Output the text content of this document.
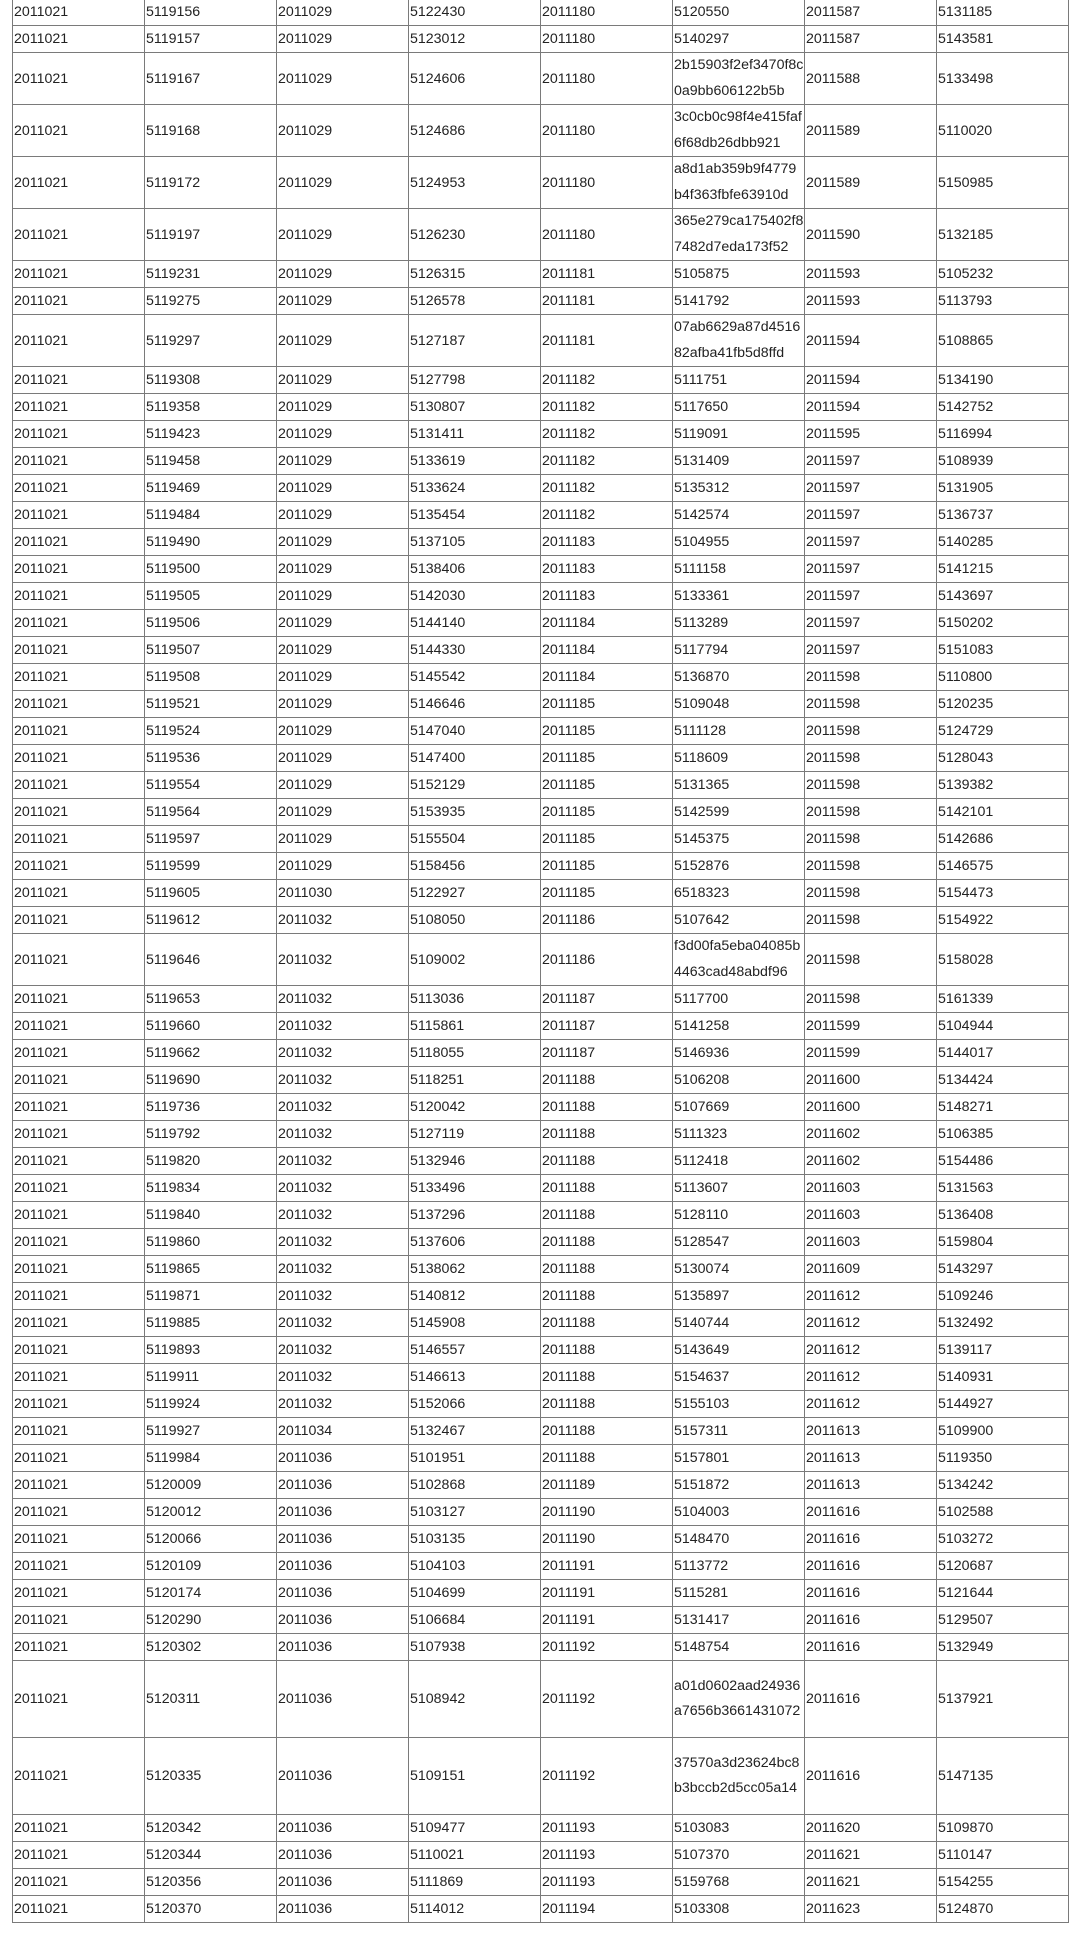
2011021	5119156	2011029	5122430	2011180	5120550	2011587	5131185
2011021	5119157	2011029	5123012	2011180	5140297	2011587	5143581
2011021	5119167	2011029	5124606	2011180	2b15903f2ef3470f8c0a9bb606122b5b	2011588	5133498
2011021	5119168	2011029	5124686	2011180	3c0cb0c98f4e415faf6f68db26dbb921	2011589	5110020
2011021	5119172	2011029	5124953	2011180	a8d1ab359b9f4779b4f363fbfe63910d	2011589	5150985
2011021	5119197	2011029	5126230	2011180	365e279ca175402f87482d7eda173f52	2011590	5132185
2011021	5119231	2011029	5126315	2011181	5105875	2011593	5105232
2011021	5119275	2011029	5126578	2011181	5141792	2011593	5113793
2011021	5119297	2011029	5127187	2011181	07ab6629a87d451682afba41fb5d8ffd	2011594	5108865
2011021	5119308	2011029	5127798	2011182	5111751	2011594	5134190
2011021	5119358	2011029	5130807	2011182	5117650	2011594	5142752
2011021	5119423	2011029	5131411	2011182	5119091	2011595	5116994
2011021	5119458	2011029	5133619	2011182	5131409	2011597	5108939
2011021	5119469	2011029	5133624	2011182	5135312	2011597	5131905
2011021	5119484	2011029	5135454	2011182	5142574	2011597	5136737
2011021	5119490	2011029	5137105	2011183	5104955	2011597	5140285
2011021	5119500	2011029	5138406	2011183	5111158	2011597	5141215
2011021	5119505	2011029	5142030	2011183	5133361	2011597	5143697
2011021	5119506	2011029	5144140	2011184	5113289	2011597	5150202
2011021	5119507	2011029	5144330	2011184	5117794	2011597	5151083
2011021	5119508	2011029	5145542	2011184	5136870	2011598	5110800
2011021	5119521	2011029	5146646	2011185	5109048	2011598	5120235
2011021	5119524	2011029	5147040	2011185	5111128	2011598	5124729
2011021	5119536	2011029	5147400	2011185	5118609	2011598	5128043
2011021	5119554	2011029	5152129	2011185	5131365	2011598	5139382
2011021	5119564	2011029	5153935	2011185	5142599	2011598	5142101
2011021	5119597	2011029	5155504	2011185	5145375	2011598	5142686
2011021	5119599	2011029	5158456	2011185	5152876	2011598	5146575
2011021	5119605	2011030	5122927	2011185	6518323	2011598	5154473
2011021	5119612	2011032	5108050	2011186	5107642	2011598	5154922
2011021	5119646	2011032	5109002	2011186	f3d00fa5eba04085b4463cad48abdf96	2011598	5158028
2011021	5119653	2011032	5113036	2011187	5117700	2011598	5161339
2011021	5119660	2011032	5115861	2011187	5141258	2011599	5104944
2011021	5119662	2011032	5118055	2011187	5146936	2011599	5144017
2011021	5119690	2011032	5118251	2011188	5106208	2011600	5134424
2011021	5119736	2011032	5120042	2011188	5107669	2011600	5148271
2011021	5119792	2011032	5127119	2011188	5111323	2011602	5106385
2011021	5119820	2011032	5132946	2011188	5112418	2011602	5154486
2011021	5119834	2011032	5133496	2011188	5113607	2011603	5131563
2011021	5119840	2011032	5137296	2011188	5128110	2011603	5136408
2011021	5119860	2011032	5137606	2011188	5128547	2011603	5159804
2011021	5119865	2011032	5138062	2011188	5130074	2011609	5143297
2011021	5119871	2011032	5140812	2011188	5135897	2011612	5109246
2011021	5119885	2011032	5145908	2011188	5140744	2011612	5132492
2011021	5119893	2011032	5146557	2011188	5143649	2011612	5139117
2011021	5119911	2011032	5146613	2011188	5154637	2011612	5140931
2011021	5119924	2011032	5152066	2011188	5155103	2011612	5144927
2011021	5119927	2011034	5132467	2011188	5157311	2011613	5109900
2011021	5119984	2011036	5101951	2011188	5157801	2011613	5119350
2011021	5120009	2011036	5102868	2011189	5151872	2011613	5134242
2011021	5120012	2011036	5103127	2011190	5104003	2011616	5102588
2011021	5120066	2011036	5103135	2011190	5148470	2011616	5103272
2011021	5120109	2011036	5104103	2011191	5113772	2011616	5120687
2011021	5120174	2011036	5104699	2011191	5115281	2011616	5121644
2011021	5120290	2011036	5106684	2011191	5131417	2011616	5129507
2011021	5120302	2011036	5107938	2011192	5148754	2011616	5132949
2011021	5120311	2011036	5108942	2011192	a01d0602aad24936a7656b3661431072	2011616	5137921
2011021	5120335	2011036	5109151	2011192	37570a3d23624bc8b3bccb2d5cc05a14	2011616	5147135
2011021	5120342	2011036	5109477	2011193	5103083	2011620	5109870
2011021	5120344	2011036	5110021	2011193	5107370	2011621	5110147
2011021	5120356	2011036	5111869	2011193	5159768	2011621	5154255
2011021	5120370	2011036	5114012	2011194	5103308	2011623	5124870
